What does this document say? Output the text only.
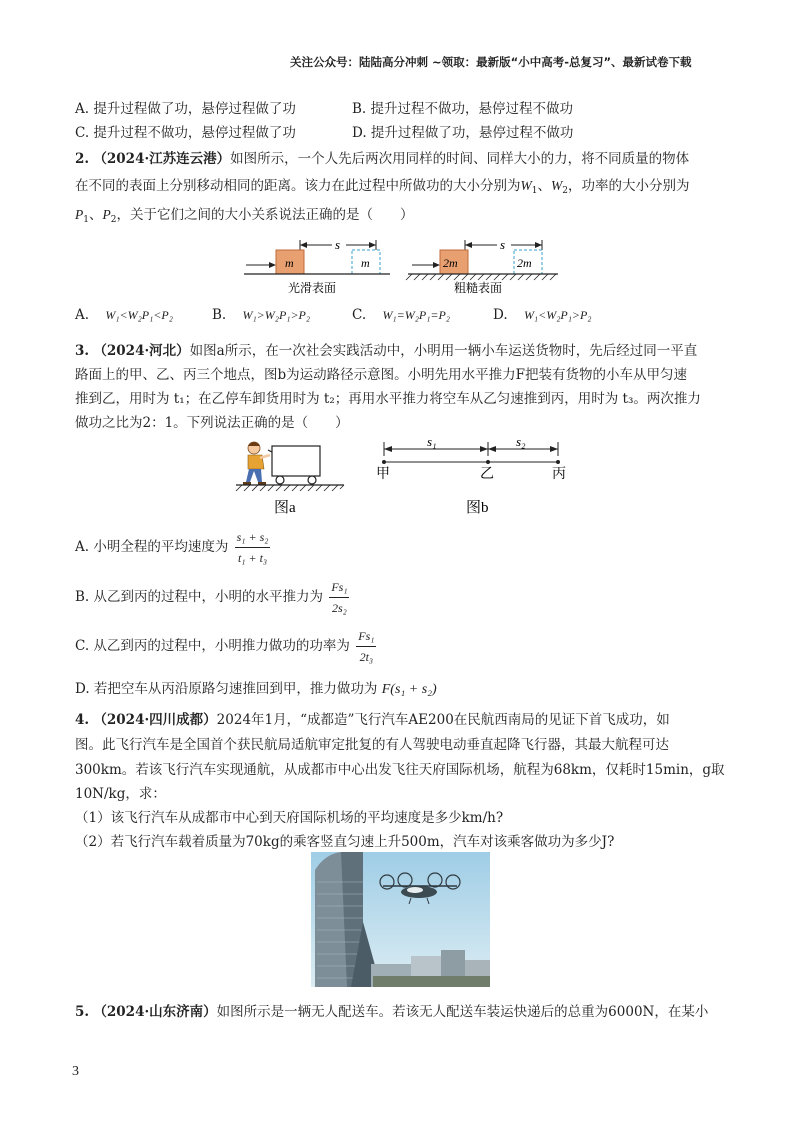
关注公众号：陆陆高分冲刺 ~领取：最新版“小中高考-总复习”、最新试卷下载
A. 提升过程做了功，悬停过程做了功	B. 提升过程不做功，悬停过程不做功
C. 提升过程不做功，悬停过程做了功	D. 提升过程做了功，悬停过程不做功
2. （2024·江苏连云港）如图所示，一个人先后两次用同样的时间、同样大小的力，将不同质量的物体
在不同的表面上分别移动相同的距离。该力在此过程中所做功的大小分别为$W_1$、$W_2$，功率的大小分别为
$P_1$、$P_2$，关于它们之间的大小关系说法正确的是（　　）
s
m	m
光滑表面
s
2m	2m
粗糙表面
A. W₁<W₂P₁<P₂	B. W₁>W₂P₁>P₂	C. W₁=W₂P₁=P₂	D. W₁<W₂P₁>P₂
3. （2024·河北）如图a所示，在一次社会实践活动中，小明用一辆小车运送货物时，先后经过同一平直
路面上的甲、乙、丙三个地点，图b为运动路径示意图。小明先用水平推力F把装有货物的小车从甲匀速
推到乙，用时为 t₁；在乙停车卸货用时为 t₂；再用水平推力将空车从乙匀速推到丙，用时为 t₃。两次推力
做功之比为2：1。下列说法正确的是（　　）
图a
s₁	s₂
甲	乙	丙
图b
A. 小明全程的平均速度为 $\frac{\text{s₁ + s₂}}{\text{t₁ + t₃}}$
B. 从乙到丙的过程中，小明的水平推力为 $\frac{\text{Fs₁}}{\text{2s₂}}$
C. 从乙到丙的过程中，小明推力做功的功率为 $\frac{\text{Fs₁}}{\text{2t₃}}$
D. 若把空车从丙沿原路匀速推回到甲，推力做功为 F(s₁ + s₂)
4. （2024·四川成都）2024年1月，“成都造”飞行汽车AE200在民航西南局的见证下首飞成功，如
图。此飞行汽车是全国首个获民航局适航审定批复的有人驾驶电动垂直起降飞行器，其最大航程可达
300km。若该飞行汽车实现通航，从成都市中心出发飞往天府国际机场，航程为68km，仅耗时15min，g取
10N/kg，求：
（1）该飞行汽车从成都市中心到天府国际机场的平均速度是多少km/h?
（2）若飞行汽车载着质量为70kg的乘客竖直匀速上升500m，汽车对该乘客做功为多少J?
5. （2024·山东济南）如图所示是一辆无人配送车。若该无人配送车装运快递后的总重为6000N，在某小
3
